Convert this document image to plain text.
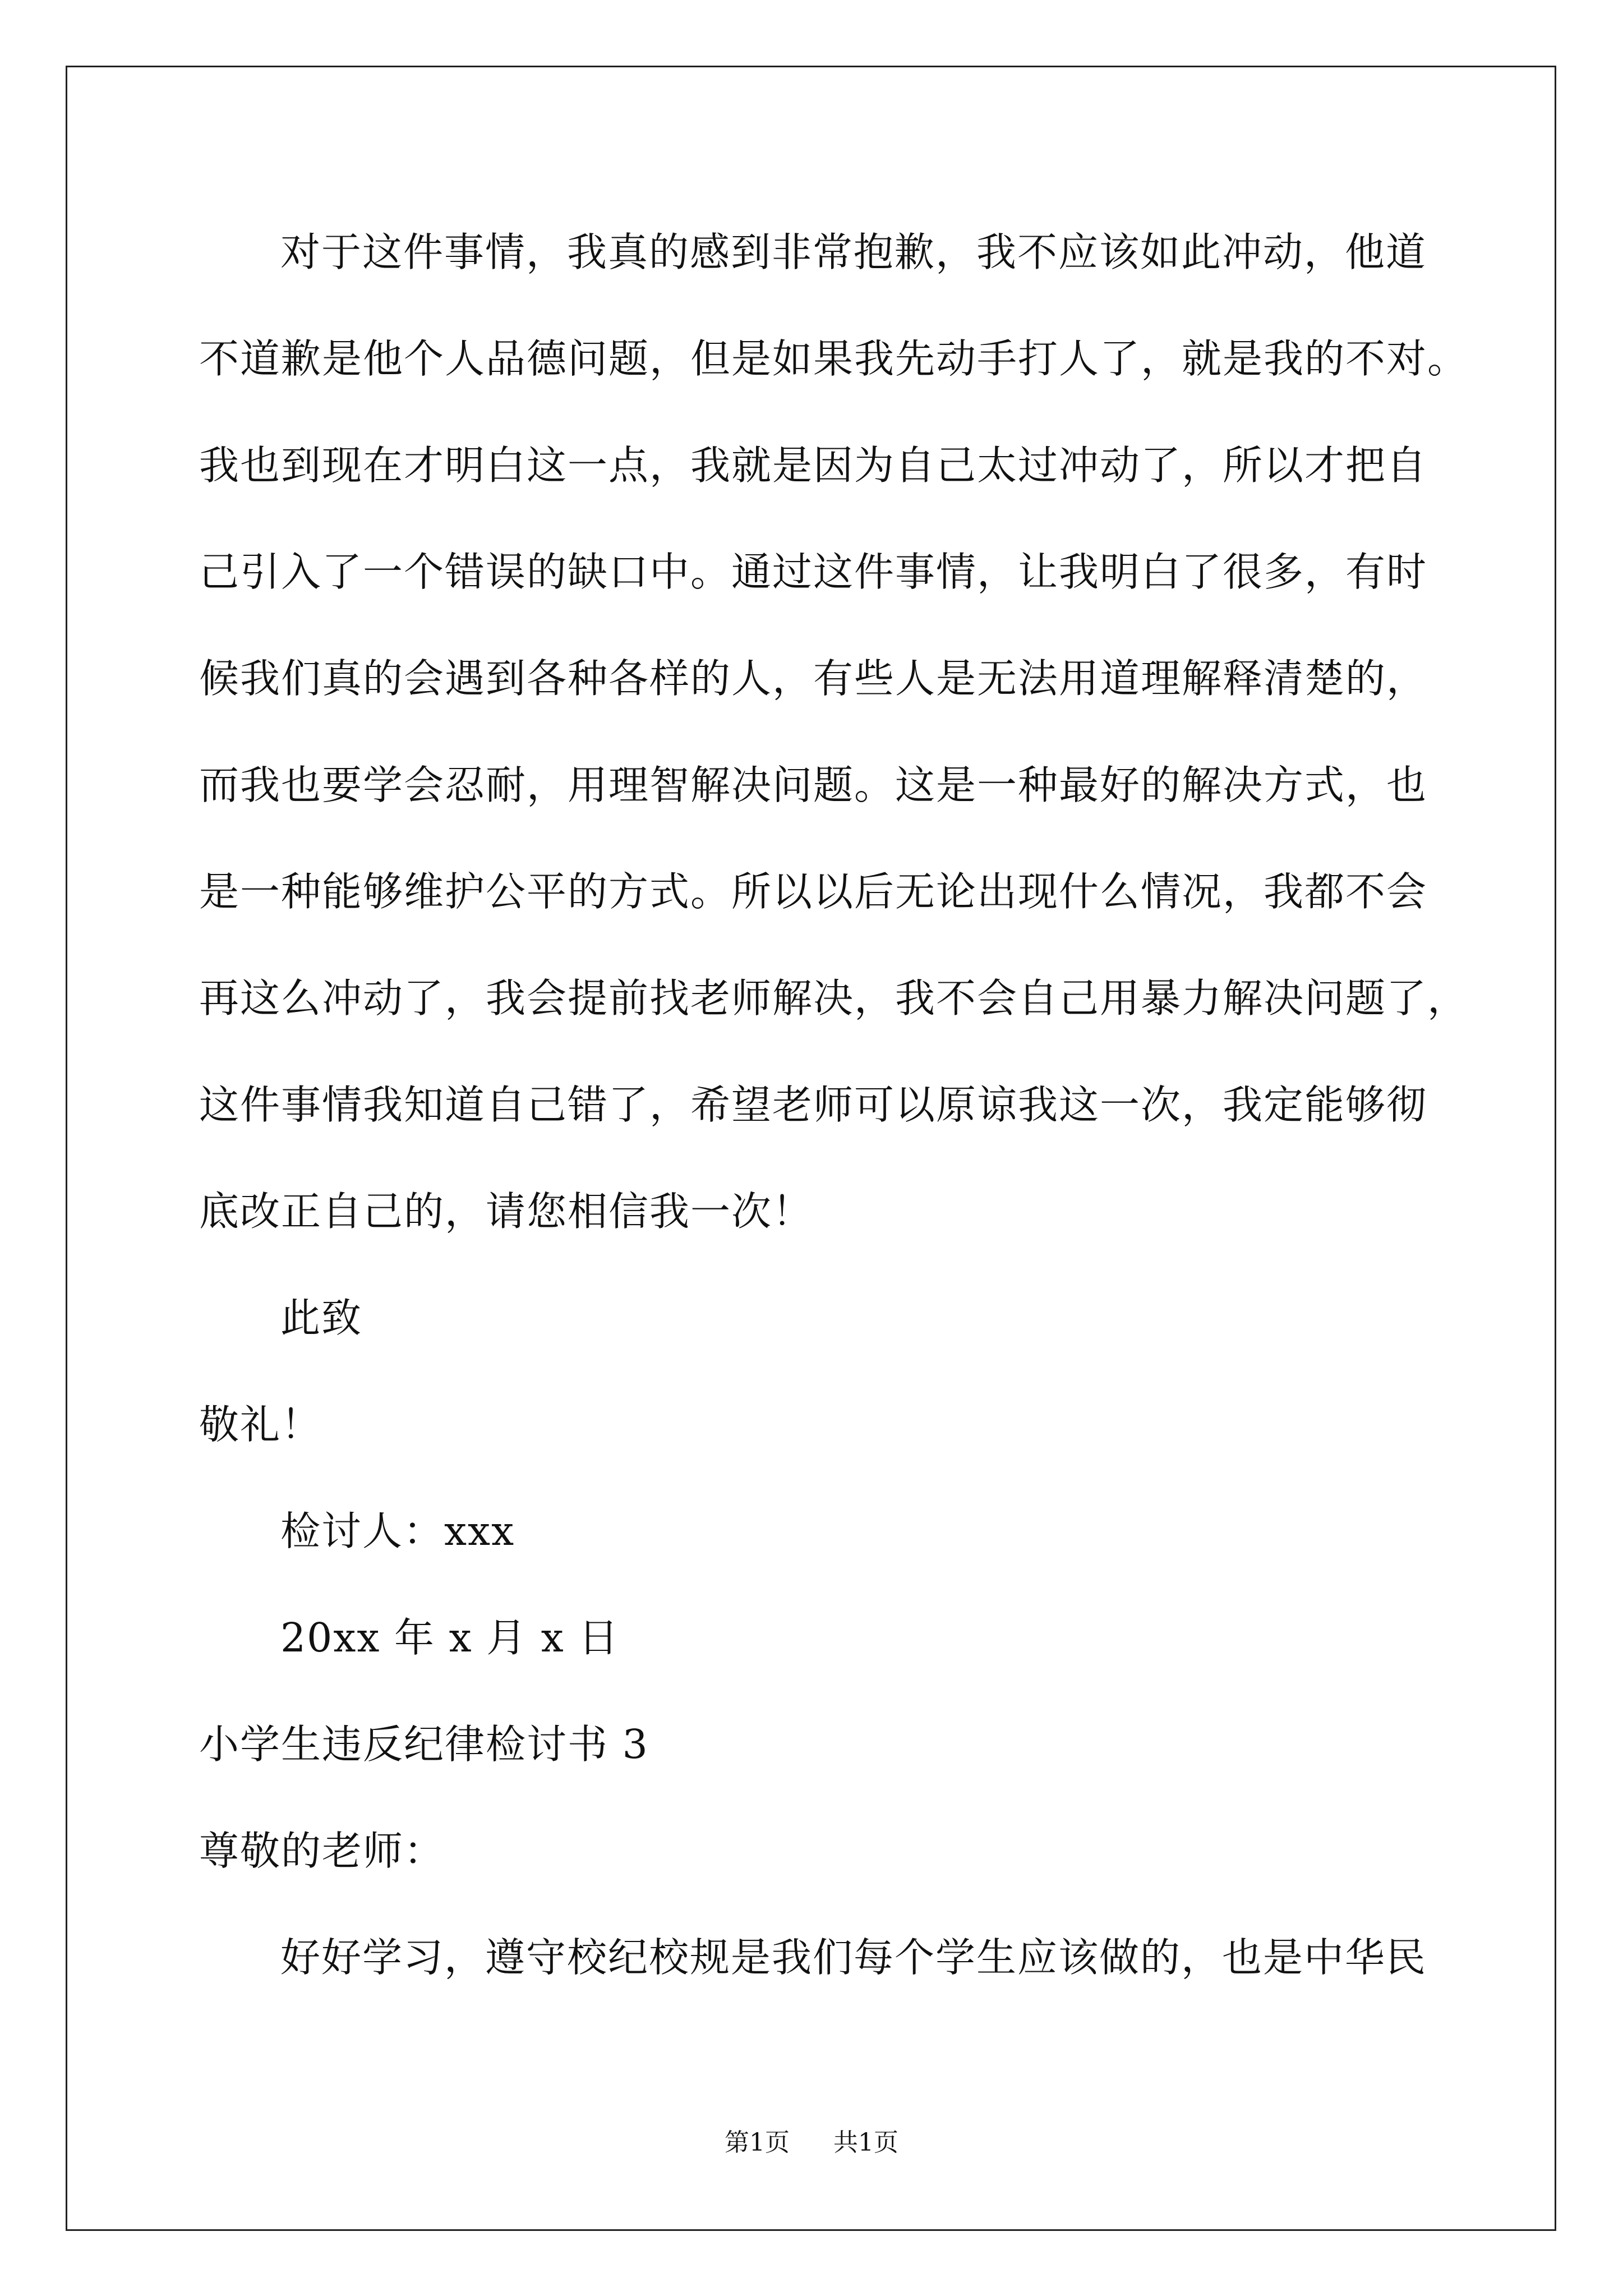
对于这件事情，我真的感到非常抱歉，我不应该如此冲动，他道
不道歉是他个人品德问题，但是如果我先动手打人了，就是我的不对。
我也到现在才明白这一点，我就是因为自己太过冲动了，所以才把自
己引入了一个错误的缺口中。通过这件事情，让我明白了很多，有时
候我们真的会遇到各种各样的人，有些人是无法用道理解释清楚的，
而我也要学会忍耐，用理智解决问题。这是一种最好的解决方式，也
是一种能够维护公平的方式。所以以后无论出现什么情况，我都不会
再这么冲动了，我会提前找老师解决，我不会自己用暴力解决问题了，
这件事情我知道自己错了，希望老师可以原谅我这一次，我定能够彻
底改正自己的，请您相信我一次！
此致
敬礼！
检讨人：xxx
20xx 年 x 月 x 日
小学生违反纪律检讨书 3
尊敬的老师：
好好学习，遵守校纪校规是我们每个学生应该做的，也是中华民
第1页 共1页
